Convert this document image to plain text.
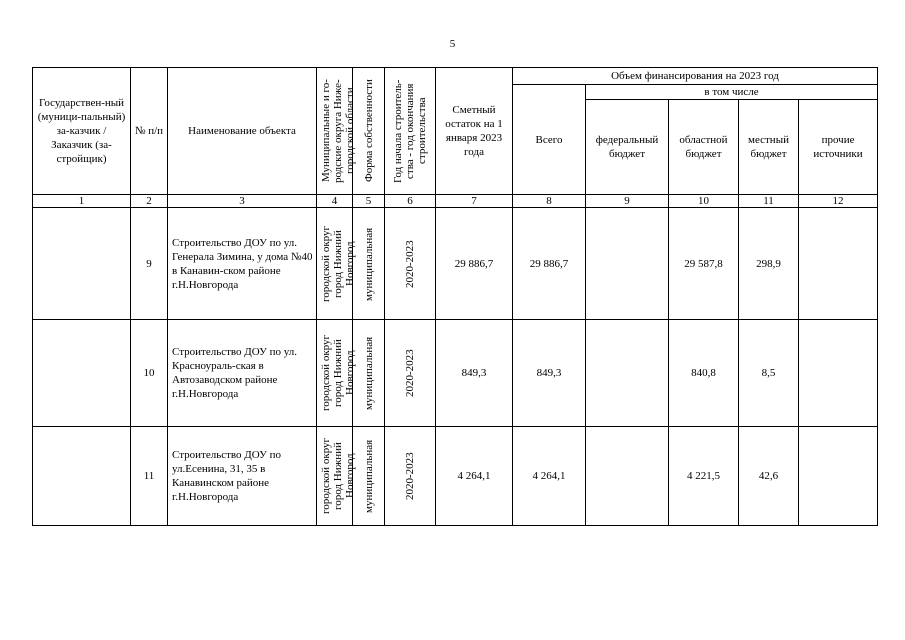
5
Государствен-ный (муници-пальный) за-казчик / Заказчик (за-стройщик)	№ п/п	Наименование объекта	Муниципальные и го-родские округа Ниже-городской области	Форма собственности	Год начала строитель-ства - год окончания строительства	Сметный остаток на 1 января 2023 года	Объем финансирования на 2023 год				
							Всего	в том числе			
								федеральный бюджет	областной бюджет	местный бюджет	прочие источники
1	2	3	4	5	6	7	8	9	10	11	12
	9	Строительство ДОУ по ул. Генерала Зимина, у дома №40 в Канавин-ском районе г.Н.Новгорода	городской округ город Нижний Новгород	муниципальная	2020-2023	29 886,7	29 886,7		29 587,8	298,9	
	10	Строительство ДОУ по ул. Красноураль-ская в Автозаводском районе г.Н.Новгорода	городской округ город Нижний Новгород	муниципальная	2020-2023	849,3	849,3		840,8	8,5	
	11	Строительство ДОУ по ул.Есенина, 31, 35 в Канавинском районе г.Н.Новгорода	городской округ город Нижний Новгород	муниципальная	2020-2023	4 264,1	4 264,1		4 221,5	42,6	
